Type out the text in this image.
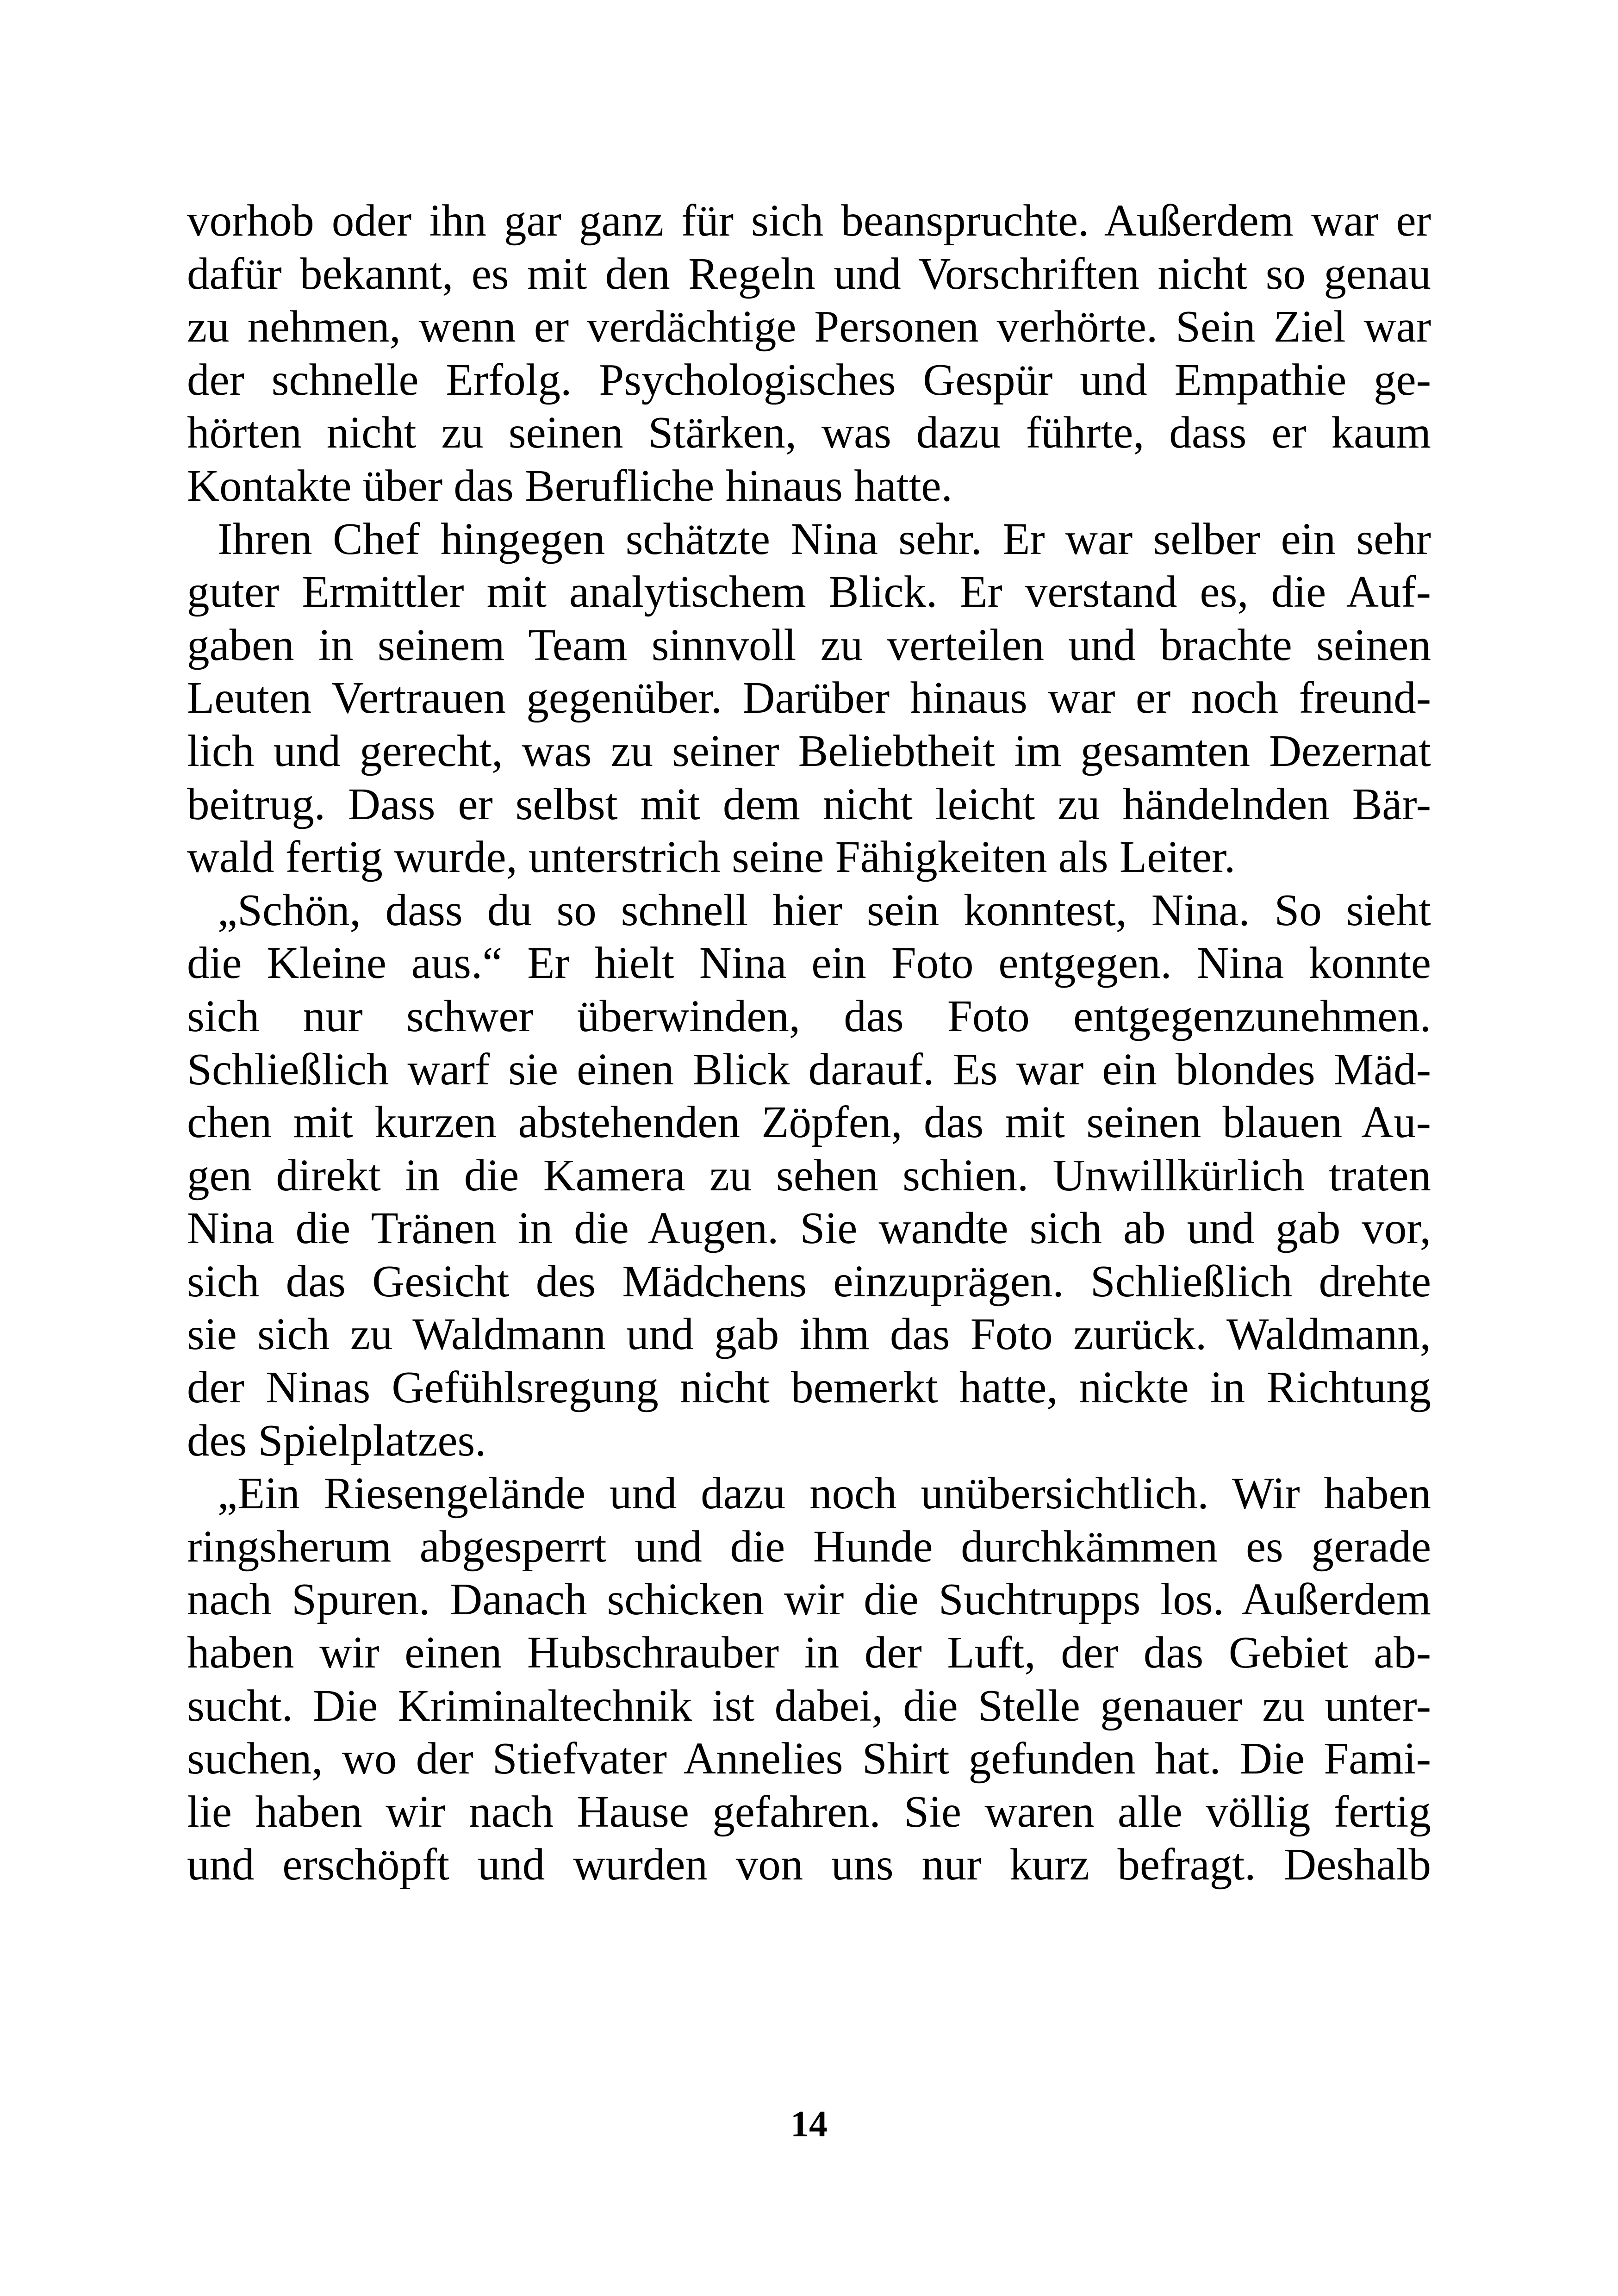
vorhob oder ihn gar ganz für sich beanspruchte. Außerdem war er
dafür bekannt, es mit den Regeln und Vorschriften nicht so genau
zu nehmen, wenn er verdächtige Personen verhörte. Sein Ziel war
der schnelle Erfolg. Psychologisches Gespür und Empathie ge-
hörten nicht zu seinen Stärken, was dazu führte, dass er kaum
Kontakte über das Berufliche hinaus hatte.
Ihren Chef hingegen schätzte Nina sehr. Er war selber ein sehr
guter Ermittler mit analytischem Blick. Er verstand es, die Auf-
gaben in seinem Team sinnvoll zu verteilen und brachte seinen
Leuten Vertrauen gegenüber. Darüber hinaus war er noch freund-
lich und gerecht, was zu seiner Beliebtheit im gesamten Dezernat
beitrug. Dass er selbst mit dem nicht leicht zu händelnden Bär-
wald fertig wurde, unterstrich seine Fähigkeiten als Leiter.
„Schön, dass du so schnell hier sein konntest, Nina. So sieht
die Kleine aus.“ Er hielt Nina ein Foto entgegen. Nina konnte
sich nur schwer überwinden, das Foto entgegenzunehmen.
Schließlich warf sie einen Blick darauf. Es war ein blondes Mäd-
chen mit kurzen abstehenden Zöpfen, das mit seinen blauen Au-
gen direkt in die Kamera zu sehen schien. Unwillkürlich traten
Nina die Tränen in die Augen. Sie wandte sich ab und gab vor,
sich das Gesicht des Mädchens einzuprägen. Schließlich drehte
sie sich zu Waldmann und gab ihm das Foto zurück. Waldmann,
der Ninas Gefühlsregung nicht bemerkt hatte, nickte in Richtung
des Spielplatzes.
„Ein Riesengelände und dazu noch unübersichtlich. Wir haben
ringsherum abgesperrt und die Hunde durchkämmen es gerade
nach Spuren. Danach schicken wir die Suchtrupps los. Außerdem
haben wir einen Hubschrauber in der Luft, der das Gebiet ab-
sucht. Die Kriminaltechnik ist dabei, die Stelle genauer zu unter-
suchen, wo der Stiefvater Annelies Shirt gefunden hat. Die Fami-
lie haben wir nach Hause gefahren. Sie waren alle völlig fertig
und erschöpft und wurden von uns nur kurz befragt. Deshalb
14
